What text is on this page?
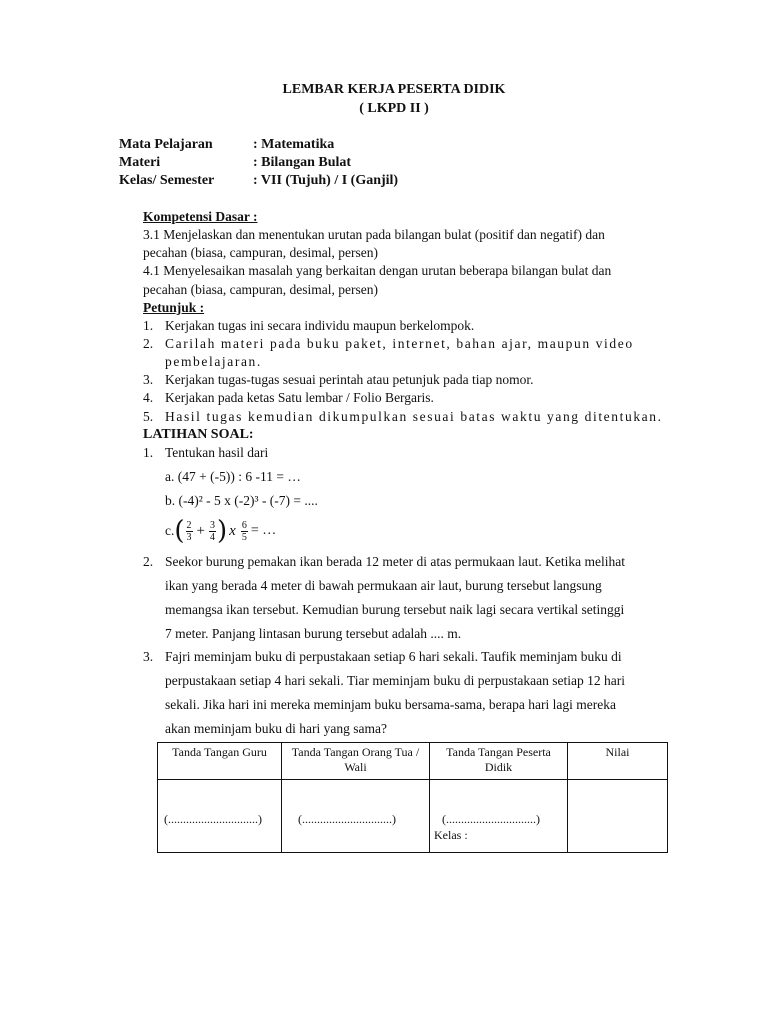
LEMBAR KERJA PESERTA DIDIK
( LKPD II )
Mata Pelajaran	: Matematika
Materi	: Bilangan Bulat
Kelas/ Semester	: VII (Tujuh) / I (Ganjil)
Kompetensi Dasar :
3.1 Menjelaskan dan menentukan urutan pada bilangan bulat (positif dan negatif) dan
pecahan (biasa, campuran, desimal, persen)
4.1 Menyelesaikan masalah yang berkaitan dengan urutan beberapa bilangan bulat dan
pecahan (biasa, campuran, desimal, persen)
Petunjuk :
1. Kerjakan tugas ini secara individu maupun berkelompok.
2. Carilah materi pada buku paket, internet, bahan ajar, maupun video
pembelajaran.
3. Kerjakan tugas-tugas sesuai perintah atau petunjuk pada tiap nomor.
4. Kerjakan pada ketas Satu lembar / Folio Bergaris.
5. Hasil tugas kemudian dikumpulkan sesuai batas waktu yang ditentukan.
LATIHAN SOAL:
1. Tentukan hasil dari
a. (47 + (-5)) : 6 -11 = …
b. (-4)² - 5 x (-2)³ - (-7) = ....
c. ( $\frac{2}{3} + \frac{3}{4}$ ) x $\frac{6}{5}$ = …
2. Seekor burung pemakan ikan berada 12 meter di atas permukaan laut. Ketika melihat
ikan yang berada 4 meter di bawah permukaan air laut, burung tersebut langsung
memangsa ikan tersebut. Kemudian burung tersebut naik lagi secara vertikal setinggi
7 meter. Panjang lintasan burung tersebut adalah .... m.
3. Fajri meminjam buku di perpustakaan setiap 6 hari sekali. Taufik meminjam buku di
perpustakaan setiap 4 hari sekali. Tiar meminjam buku di perpustakaan setiap 12 hari
sekali. Jika hari ini mereka meminjam buku bersama-sama, berapa hari lagi mereka
akan meminjam buku di hari yang sama?
Tanda Tangan Guru	Tanda Tangan Orang Tua / Wali	Tanda Tangan Peserta Didik	Nilai

(..............................)	(..............................)	(..............................)
Kelas :	
